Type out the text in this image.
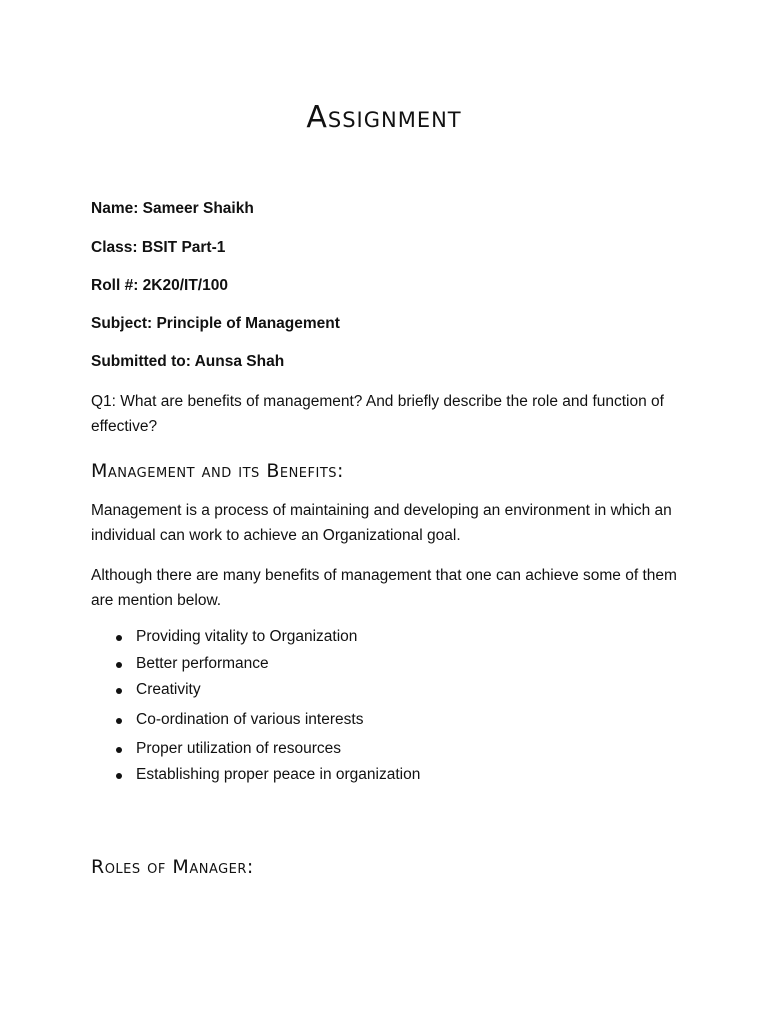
Assignment
Name: Sameer Shaikh
Class: BSIT Part-1
Roll #: 2K20/IT/100
Subject: Principle of Management
Submitted to: Aunsa Shah
Q1: What are benefits of management? And briefly describe the role and function of effective?
Management and its Benefits:
Management is a process of maintaining and developing an environment in which an individual can work to achieve an Organizational goal.
Although there are many benefits of management that one can achieve some of them are mention below.
Providing vitality to Organization
Better performance
Creativity
Co-ordination of various interests
Proper utilization of resources
Establishing proper peace in organization
Roles of Manager:
